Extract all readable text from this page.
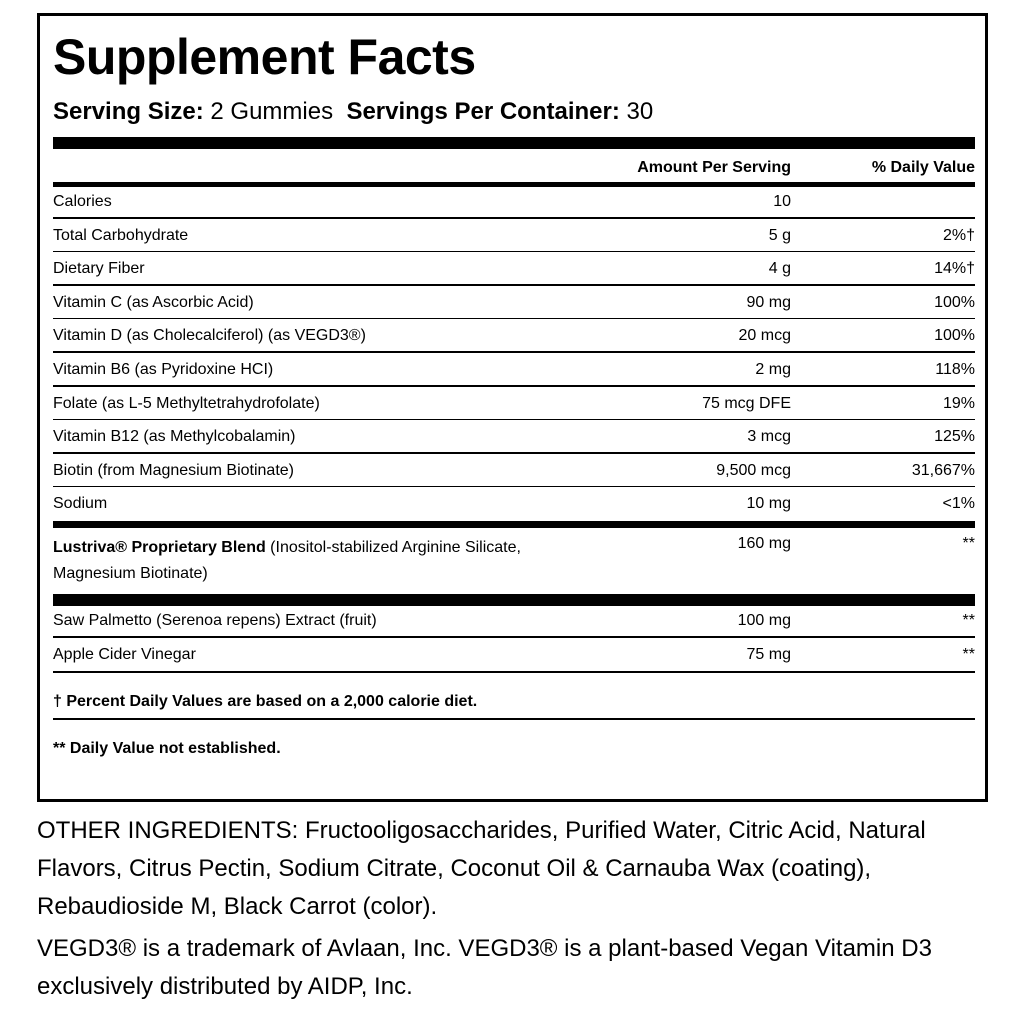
Supplement Facts
Serving Size: 2 Gummies Servings Per Container: 30
Amount Per Serving	% Daily Value
Calories	10
Total Carbohydrate	5 g	2%†
Dietary Fiber	4 g	14%†
Vitamin C (as Ascorbic Acid)	90 mg	100%
Vitamin D (as Cholecalciferol) (as VEGD3®)	20 mcg	100%
Vitamin B6 (as Pyridoxine HCI)	2 mg	118%
Folate (as L-5 Methyltetrahydrofolate)	75 mcg DFE	19%
Vitamin B12 (as Methylcobalamin)	3 mcg	125%
Biotin (from Magnesium Biotinate)	9,500 mcg	31,667%
Sodium	10 mg	<1%
Lustriva® Proprietary Blend (Inositol-stabilized Arginine Silicate,
Magnesium Biotinate)
160 mg	**
Saw Palmetto (Serenoa repens) Extract (fruit)	100 mg	**
Apple Cider Vinegar	75 mg	**
† Percent Daily Values are based on a 2,000 calorie diet.
** Daily Value not established.
OTHER INGREDIENTS: Fructooligosaccharides, Purified Water, Citric Acid, Natural Flavors, Citrus Pectin, Sodium Citrate, Coconut Oil & Carnauba Wax (coating), Rebaudioside M, Black Carrot (color).
VEGD3® is a trademark of Avlaan, Inc. VEGD3® is a plant-based Vegan Vitamin D3 exclusively distributed by AIDP, Inc.
